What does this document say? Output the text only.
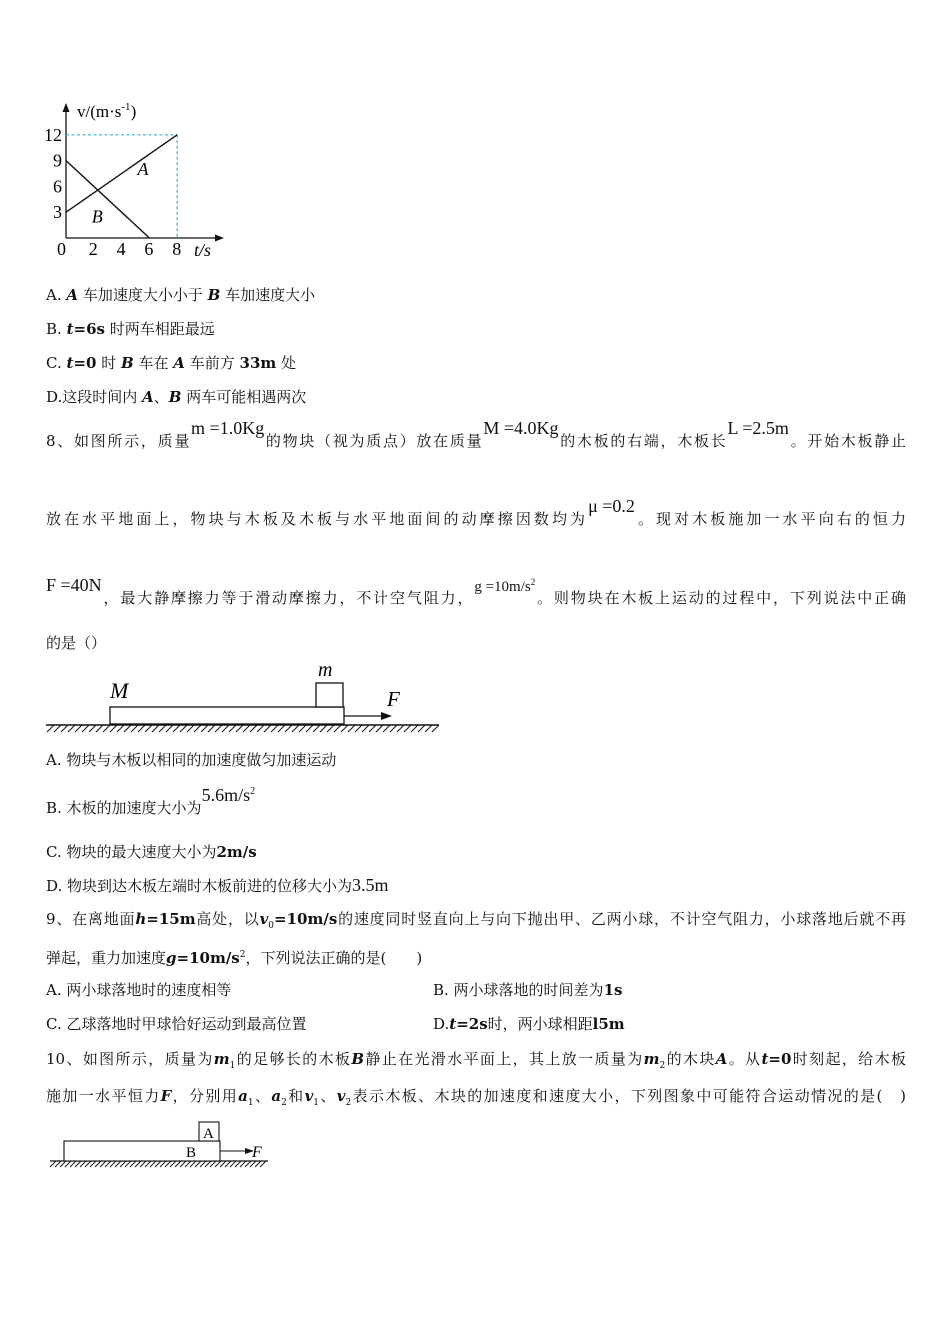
A
B
0 2 4 6 8
3
6
9
12
t/s
$v/(m\cdot s^{-1})$
A. A 车加速度大小小于 B 车加速度大小
B. t=6s 时两车相距最远
C. t=0 时 B 车在 A 车前方 33m 处
D.这段时间内 A、B 两车可能相遇两次
8、如图所示，质量m =1.0Kg的物块（视为质点）放在质量M =4.0Kg的木板的右端，木板长L =2.5m。开始木板静止
放在水平地面上，物块与木板及木板与水平地面间的动摩擦因数均为μ =0.2。现对木板施加一水平向右的恒力
F =40N，最大静摩擦力等于滑动摩擦力，不计空气阻力，$g =10m/s^2$。则物块在木板上运动的过程中，下列说法中正确
的是（）
M
m
F
A. 物块与木板以相同的加速度做匀加速运动
B. 木板的加速度大小为$5.6m/s^2$
C. 物块的最大速度大小为2m/s
D. 物块到达木板左端时木板前进的位移大小为3.5m
9、在离地面h=15m高处，以$v_0=10m/s$的速度同时竖直向上与向下抛出甲、乙两小球，不计空气阻力，小球落地后就不再
弹起，重力加速度$g=10m/s^2$，下列说法正确的是(　　)
A. 两小球落地时的速度相等	B. 两小球落地的时间差为1s
C. 乙球落地时甲球恰好运动到最高位置	D.t=2s时，两小球相距l5m
10、如图所示，质量为$m_1$的足够长的木板B静止在光滑水平面上，其上放一质量为$m_2$的木块A。从t=0时刻起，给木板
施加一水平恒力F，分别用$a_1$、$a_2$和$v_1$、$v_2$表示木板、木块的加速度和速度大小，下列图象中可能符合运动情况的是(　)
A
B	F
